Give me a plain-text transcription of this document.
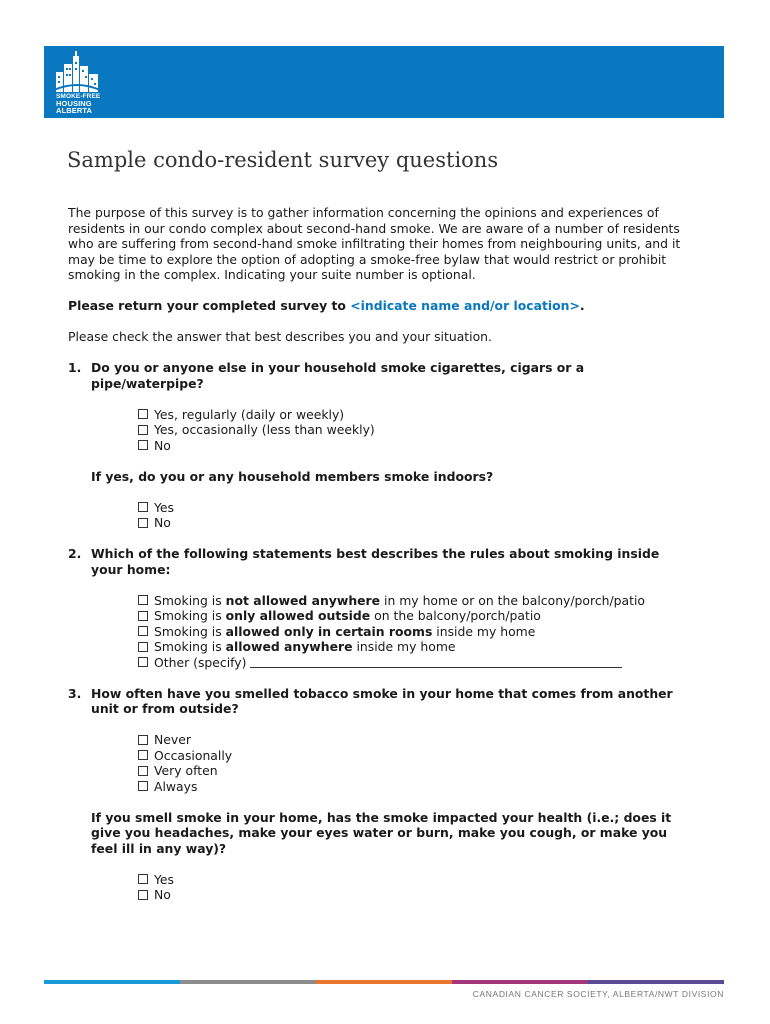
SMOKE-FREE
HOUSING
ALBERTA
Sample condo-resident survey questions

The purpose of this survey is to gather information concerning the opinions and experiences of residents in our condo complex about second-hand smoke. We are aware of a number of residents who are suffering from second-hand smoke infiltrating their homes from neighbouring units, and it may be time to explore the option of adopting a smoke-free bylaw that would restrict or prohibit smoking in the complex. Indicating your suite number is optional.

Please return your completed survey to <indicate name and/or location>.

Please check the answer that best describes you and your situation.

1. Do you or anyone else in your household smoke cigarettes, cigars or a pipe/waterpipe?
Yes, regularly (daily or weekly)
Yes, occasionally (less than weekly)
No
If yes, do you or any household members smoke indoors?
Yes
No
2. Which of the following statements best describes the rules about smoking inside your home:
Smoking is not allowed anywhere in my home or on the balcony/porch/patio
Smoking is only allowed outside on the balcony/porch/patio
Smoking is allowed only in certain rooms inside my home
Smoking is allowed anywhere inside my home
Other (specify)
3. How often have you smelled tobacco smoke in your home that comes from another unit or from outside?
Never
Occasionally
Very often
Always
If you smell smoke in your home, has the smoke impacted your health (i.e.; does it give you headaches, make your eyes water or burn, make you cough, or make you feel ill in any way)?
Yes
No
CANADIAN CANCER SOCIETY, ALBERTA/NWT DIVISION
